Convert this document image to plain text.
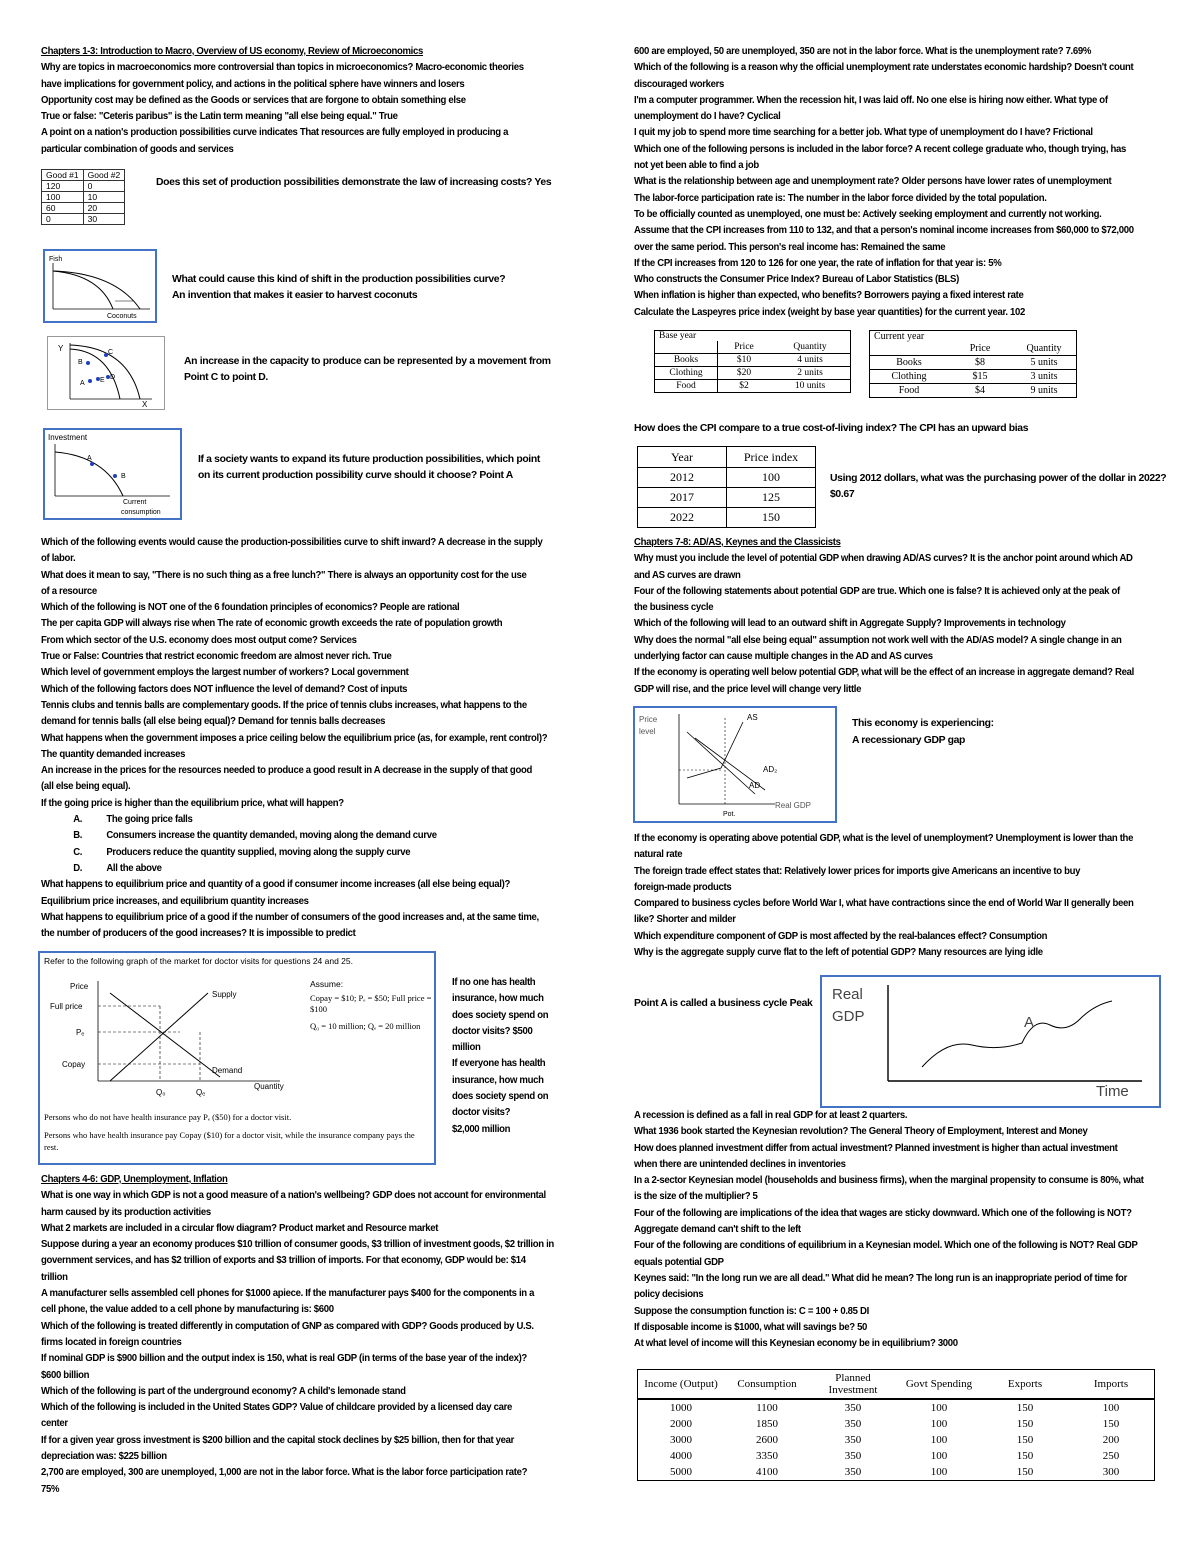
Chapters 1-3: Introduction to Macro, Overview of US economy, Review of Microeconomics
Why are topics in macroeconomics more controversial than topics in microeconomics? Macro-economic theories
have implications for government policy, and actions in the political sphere have winners and losers
Opportunity cost may be defined as the Goods or services that are forgone to obtain something else
True or false: "Ceteris paribus" is the Latin term meaning "all else being equal." True
A point on a nation's production possibilities curve indicates That resources are fully employed in producing a
particular combination of goods and services
Good #1	Good #2
120	0
100	10
60	20
0	30
Does this set of production possibilities demonstrate the law of increasing costs? Yes
Fish
Coconuts
What could cause this kind of shift in the production possibilities curve?
An invention that makes it easier to harvest coconuts
Y
X
B
C
D
A E
An increase in the capacity to produce can be represented by a movement from Point C to point D.
Investment
A
B
Current
consumption
If a society wants to expand its future production possibilities, which point on its current production possibility curve should it choose? Point A
Which of the following events would cause the production-possibilities curve to shift inward? A decrease in the supply
of labor.
What does it mean to say, "There is no such thing as a free lunch?" There is always an opportunity cost for the use
of a resource
Which of the following is NOT one of the 6 foundation principles of economics? People are rational
The per capita GDP will always rise when The rate of economic growth exceeds the rate of population growth
From which sector of the U.S. economy does most output come? Services
True or False: Countries that restrict economic freedom are almost never rich. True
Which level of government employs the largest number of workers? Local government
Which of the following factors does NOT influence the level of demand? Cost of inputs
Tennis clubs and tennis balls are complementary goods. If the price of tennis clubs increases, what happens to the
demand for tennis balls (all else being equal)? Demand for tennis balls decreases
What happens when the government imposes a price ceiling below the equilibrium price (as, for example, rent control)?
The quantity demanded increases
An increase in the prices for the resources needed to produce a good result in A decrease in the supply of that good
(all else being equal).
If the going price is higher than the equilibrium price, what will happen?
A. The going price falls
B. Consumers increase the quantity demanded, moving along the demand curve
C. Producers reduce the quantity supplied, moving along the supply curve
D. All the above
What happens to equilibrium price and quantity of a good if consumer income increases (all else being equal)?
Equilibrium price increases, and equilibrium quantity increases
What happens to equilibrium price of a good if the number of consumers of the good increases and, at the same time,
the number of producers of the good increases? It is impossible to predict
Refer to the following graph of the market for doctor visits for questions 24 and 25.
Price
Full price
Pₑ
Copay
Supply
Demand
Quantity
Q₀	Qₑ
Assume:
Copay = $10; Pₑ = $50; Full price = $100
Q₀ = 10 million; Qₑ = 20 million
Persons who do not have health insurance pay Pₑ ($50) for a doctor visit.
Persons who have health insurance pay Copay ($10) for a doctor visit, while the insurance company pays the rest.
If no one has health
insurance, how much
does society spend on
doctor visits? $500
million
If everyone has health
insurance, how much
does society spend on
doctor visits?
$2,000 million
Chapters 4-6: GDP, Unemployment, Inflation
What is one way in which GDP is not a good measure of a nation's wellbeing? GDP does not account for environmental
harm caused by its production activities
What 2 markets are included in a circular flow diagram? Product market and Resource market
Suppose during a year an economy produces $10 trillion of consumer goods, $3 trillion of investment goods, $2 trillion in
government services, and has $2 trillion of exports and $3 trillion of imports. For that economy, GDP would be: $14
trillion
A manufacturer sells assembled cell phones for $1000 apiece. If the manufacturer pays $400 for the components in a
cell phone, the value added to a cell phone by manufacturing is: $600
Which of the following is treated differently in computation of GNP as compared with GDP? Goods produced by U.S.
firms located in foreign countries
If nominal GDP is $900 billion and the output index is 150, what is real GDP (in terms of the base year of the index)?
$600 billion
Which of the following is part of the underground economy? A child's lemonade stand
Which of the following is included in the United States GDP? Value of childcare provided by a licensed day care
center
If for a given year gross investment is $200 billion and the capital stock declines by $25 billion, then for that year
depreciation was: $225 billion
2,700 are employed, 300 are unemployed, 1,000 are not in the labor force. What is the labor force participation rate?
75%
600 are employed, 50 are unemployed, 350 are not in the labor force. What is the unemployment rate? 7.69%
Which of the following is a reason why the official unemployment rate understates economic hardship? Doesn't count
discouraged workers
I'm a computer programmer. When the recession hit, I was laid off. No one else is hiring now either. What type of
unemployment do I have? Cyclical
I quit my job to spend more time searching for a better job. What type of unemployment do I have? Frictional
Which one of the following persons is included in the labor force? A recent college graduate who, though trying, has
not yet been able to find a job
What is the relationship between age and unemployment rate? Older persons have lower rates of unemployment
The labor-force participation rate is: The number in the labor force divided by the total population.
To be officially counted as unemployed, one must be: Actively seeking employment and currently not working.
Assume that the CPI increases from 110 to 132, and that a person's nominal income increases from $60,000 to $72,000
over the same period. This person's real income has: Remained the same
If the CPI increases from 120 to 126 for one year, the rate of inflation for that year is: 5%
Who constructs the Consumer Price Index? Bureau of Labor Statistics (BLS)
When inflation is higher than expected, who benefits? Borrowers paying a fixed interest rate
Calculate the Laspeyres price index (weight by base year quantities) for the current year. 102
Base year		
	Price	Quantity
Books	$10	4 units
Clothing	$20	2 units
Food	$2	10 units
Current year		
	Price	Quantity
Books	$8	5 units
Clothing	$15	3 units
Food	$4	9 units
How does the CPI compare to a true cost-of-living index? The CPI has an upward bias
Year	Price index
2012	100
2017	125
2022	150
Using 2012 dollars, what was the purchasing power of the dollar in 2022?
$0.67
Chapters 7-8: AD/AS, Keynes and the Classicists
Why must you include the level of potential GDP when drawing AD/AS curves? It is the anchor point around which AD
and AS curves are drawn
Four of the following statements about potential GDP are true. Which one is false? It is achieved only at the peak of
the business cycle
Which of the following will lead to an outward shift in Aggregate Supply? Improvements in technology
Why does the normal "all else being equal" assumption not work well with the AD/AS model? A single change in an
underlying factor can cause multiple changes in the AD and AS curves
If the economy is operating well below potential GDP, what will be the effect of an increase in aggregate demand? Real
GDP will rise, and the price level will change very little
Price
level
AS
AD₂
AD
Pot.
Real GDP
This economy is experiencing:
A recessionary GDP gap
If the economy is operating above potential GDP, what is the level of unemployment? Unemployment is lower than the
natural rate
The foreign trade effect states that: Relatively lower prices for imports give Americans an incentive to buy
foreign-made products
Compared to business cycles before World War I, what have contractions since the end of World War II generally been
like? Shorter and milder
Which expenditure component of GDP is most affected by the real-balances effect? Consumption
Why is the aggregate supply curve flat to the left of potential GDP? Many resources are lying idle
Point A is called a business cycle Peak
Real
GDP	A
Time
A recession is defined as a fall in real GDP for at least 2 quarters.
What 1936 book started the Keynesian revolution? The General Theory of Employment, Interest and Money
How does planned investment differ from actual investment? Planned investment is higher than actual investment
when there are unintended declines in inventories
In a 2-sector Keynesian model (households and business firms), when the marginal propensity to consume is 80%, what
is the size of the multiplier? 5
Four of the following are implications of the idea that wages are sticky downward. Which one of the following is NOT?
Aggregate demand can't shift to the left
Four of the following are conditions of equilibrium in a Keynesian model. Which one of the following is NOT? Real GDP
equals potential GDP
Keynes said: "In the long run we are all dead." What did he mean? The long run is an inappropriate period of time for
policy decisions
Suppose the consumption function is: C = 100 + 0.85 DI
If disposable income is $1000, what will savings be? 50
At what level of income will this Keynesian economy be in equilibrium? 3000
Income (Output)	Consumption	Planned Investment	Govt Spending	Exports	Imports
1000	1100	350	100	150	100
2000	1850	350	100	150	150
3000	2600	350	100	150	200
4000	3350	350	100	150	250
5000	4100	350	100	150	300
